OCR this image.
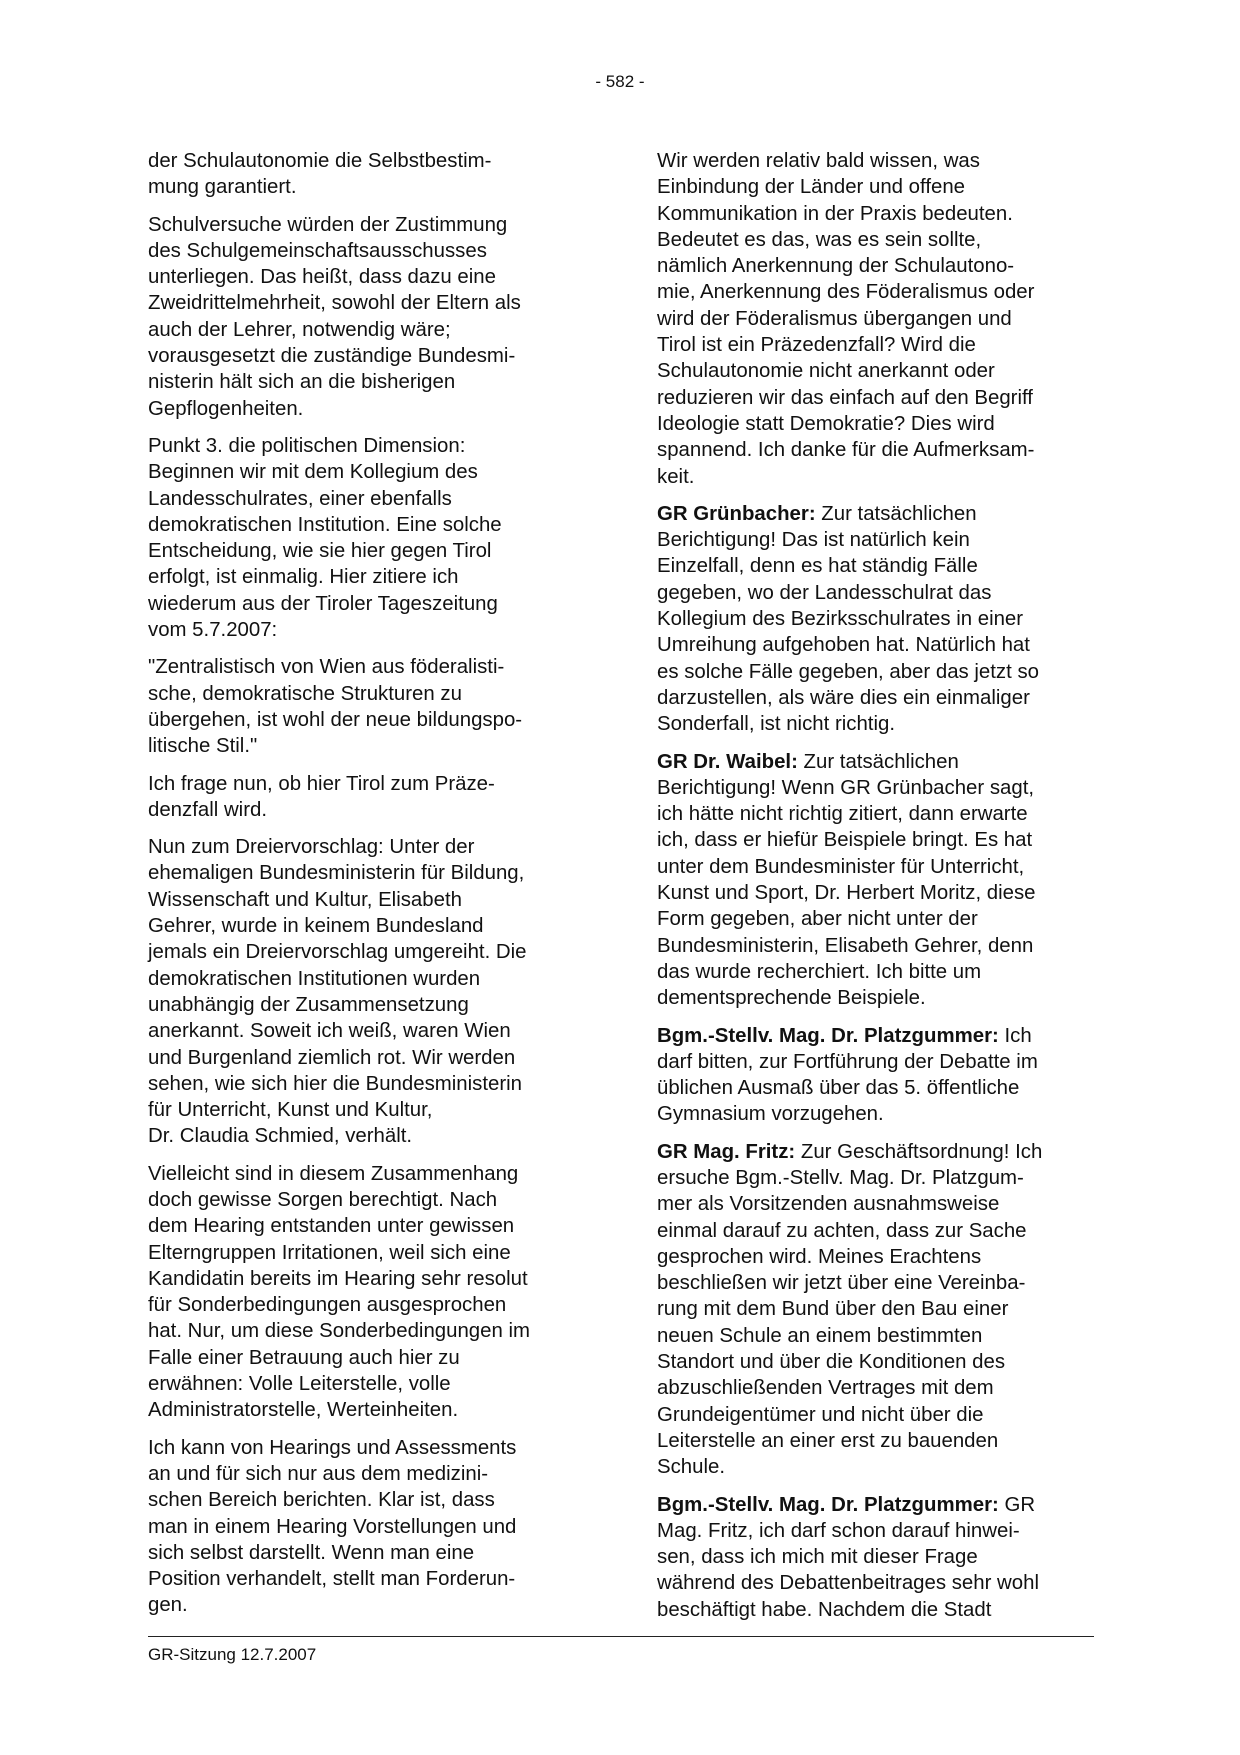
- 582 -

der Schulautonomie die Selbstbestim-
mung garantiert.

Schulversuche würden der Zustimmung
des Schulgemeinschaftsausschusses
unterliegen. Das heißt, dass dazu eine
Zweidrittelmehrheit, sowohl der Eltern als
auch der Lehrer, notwendig wäre;
vorausgesetzt die zuständige Bundesmi-
nisterin hält sich an die bisherigen
Gepflogenheiten.

Punkt 3. die politischen Dimension:
Beginnen wir mit dem Kollegium des
Landesschulrates, einer ebenfalls
demokratischen Institution. Eine solche
Entscheidung, wie sie hier gegen Tirol
erfolgt, ist einmalig. Hier zitiere ich
wiederum aus der Tiroler Tageszeitung
vom 5.7.2007:

"Zentralistisch von Wien aus föderalisti-
sche, demokratische Strukturen zu
übergehen, ist wohl der neue bildungspo-
litische Stil."

Ich frage nun, ob hier Tirol zum Präze-
denzfall wird.

Nun zum Dreiervorschlag: Unter der
ehemaligen Bundesministerin für Bildung,
Wissenschaft und Kultur, Elisabeth
Gehrer, wurde in keinem Bundesland
jemals ein Dreiervorschlag umgereiht. Die
demokratischen Institutionen wurden
unabhängig der Zusammensetzung
anerkannt. Soweit ich weiß, waren Wien
und Burgenland ziemlich rot. Wir werden
sehen, wie sich hier die Bundesministerin
für Unterricht, Kunst und Kultur,
Dr. Claudia Schmied, verhält.

Vielleicht sind in diesem Zusammenhang
doch gewisse Sorgen berechtigt. Nach
dem Hearing entstanden unter gewissen
Elterngruppen Irritationen, weil sich eine
Kandidatin bereits im Hearing sehr resolut
für Sonderbedingungen ausgesprochen
hat. Nur, um diese Sonderbedingungen im
Falle einer Betrauung auch hier zu
erwähnen: Volle Leiterstelle, volle
Administratorstelle, Werteinheiten.

Ich kann von Hearings und Assessments
an und für sich nur aus dem medizini-
schen Bereich berichten. Klar ist, dass
man in einem Hearing Vorstellungen und
sich selbst darstellt. Wenn man eine
Position verhandelt, stellt man Forderun-
gen.

Wir werden relativ bald wissen, was
Einbindung der Länder und offene
Kommunikation in der Praxis bedeuten.
Bedeutet es das, was es sein sollte,
nämlich Anerkennung der Schulautono-
mie, Anerkennung des Föderalismus oder
wird der Föderalismus übergangen und
Tirol ist ein Präzedenzfall? Wird die
Schulautonomie nicht anerkannt oder
reduzieren wir das einfach auf den Begriff
Ideologie statt Demokratie? Dies wird
spannend. Ich danke für die Aufmerksam-
keit.

GR Grünbacher: Zur tatsächlichen
Berichtigung! Das ist natürlich kein
Einzelfall, denn es hat ständig Fälle
gegeben, wo der Landesschulrat das
Kollegium des Bezirksschulrates in einer
Umreihung aufgehoben hat. Natürlich hat
es solche Fälle gegeben, aber das jetzt so
darzustellen, als wäre dies ein einmaliger
Sonderfall, ist nicht richtig.

GR Dr. Waibel: Zur tatsächlichen
Berichtigung! Wenn GR Grünbacher sagt,
ich hätte nicht richtig zitiert, dann erwarte
ich, dass er hiefür Beispiele bringt. Es hat
unter dem Bundesminister für Unterricht,
Kunst und Sport, Dr. Herbert Moritz, diese
Form gegeben, aber nicht unter der
Bundesministerin, Elisabeth Gehrer, denn
das wurde recherchiert. Ich bitte um
dementsprechende Beispiele.

Bgm.-Stellv. Mag. Dr. Platzgummer: Ich
darf bitten, zur Fortführung der Debatte im
üblichen Ausmaß über das 5. öffentliche
Gymnasium vorzugehen.

GR Mag. Fritz: Zur Geschäftsordnung! Ich
ersuche Bgm.-Stellv. Mag. Dr. Platzgum-
mer als Vorsitzenden ausnahmsweise
einmal darauf zu achten, dass zur Sache
gesprochen wird. Meines Erachtens
beschließen wir jetzt über eine Vereinba-
rung mit dem Bund über den Bau einer
neuen Schule an einem bestimmten
Standort und über die Konditionen des
abzuschließenden Vertrages mit dem
Grundeigentümer und nicht über die
Leiterstelle an einer erst zu bauenden
Schule.

Bgm.-Stellv. Mag. Dr. Platzgummer: GR
Mag. Fritz, ich darf schon darauf hinwei-
sen, dass ich mich mit dieser Frage
während des Debattenbeitrages sehr wohl
beschäftigt habe. Nachdem die Stadt

GR-Sitzung 12.7.2007
